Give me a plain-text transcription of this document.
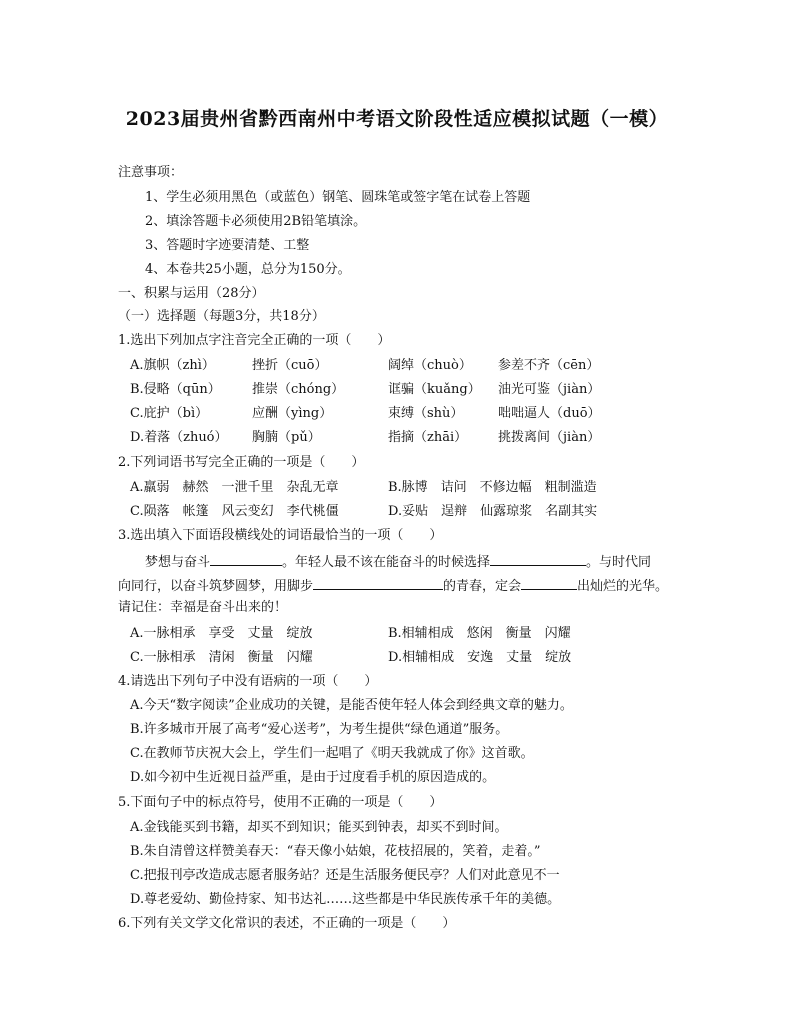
2023届贵州省黔西南州中考语文阶段性适应模拟试题（一模）
注意事项：
1、学生必须用黑色（或蓝色）钢笔、圆珠笔或签字笔在试卷上答题
2、填涂答题卡必须使用2B铅笔填涂。
3、答题时字迹要清楚、工整
4、本卷共25小题，总分为150分。
一、积累与运用（28分）
（一）选择题（每题3分，共18分）
1.选出下列加点字注音完全正确的一项（　　）
A.旗帜（zhì）	挫折（cuō）	阔绰（chuò） 参差不齐（cēn）
B.侵略（qūn） 推崇（chóng）	诓骗（kuǎng） 油光可鉴（jiàn）
C.庇护（bì）	应酬（yìng）	束缚（shù）	咄咄逼人（duō）
D.着落（zhuó） 胸腩（pǔ）	指摘（zhāi） 挑拨离间（jiàn）
2.下列词语书写完全正确的一项是（　　）
A.羸弱　赫然　一泄千里　杂乱无章	B.脉博　诘问　不修边幅　粗制滥造
C.陨落　帐篷　风云变幻　李代桃僵	D.妥贴　逞辩　仙露琼浆　名副其实
3.选出填入下面语段横线处的词语最恰当的一项（　　）
梦想与奋斗	。年轻人最不该在能奋斗的时候选择	。与时代同
向同行，以奋斗筑梦圆梦，用脚步	的青春，定会	出灿烂的光华。
请记住：幸福是奋斗出来的！
A.一脉相承　享受　丈量　绽放	B.相辅相成　悠闲　衡量　闪耀
C.一脉相承　清闲　衡量　闪耀	D.相辅相成　安逸　丈量　绽放
4.请选出下列句子中没有语病的一项（　　）
A.今天“数字阅读”企业成功的关键，是能否使年轻人体会到经典文章的魅力。
B.许多城市开展了高考“爱心送考”，为考生提供“绿色通道”服务。
C.在教师节庆祝大会上，学生们一起唱了《明天我就成了你》这首歌。
D.如今初中生近视日益严重，是由于过度看手机的原因造成的。
5.下面句子中的标点符号，使用不正确的一项是（　　）
A.金钱能买到书籍，却买不到知识；能买到钟表，却买不到时间。
B.朱自清曾这样赞美春天：“春天像小姑娘，花枝招展的，笑着，走着。”
C.把报刊亭改造成志愿者服务站？还是生活服务便民亭？人们对此意见不一
D.尊老爱幼、勤俭持家、知书达礼……这些都是中华民族传承千年的美德。
6.下列有关文学文化常识的表述，不正确的一项是（　　）
